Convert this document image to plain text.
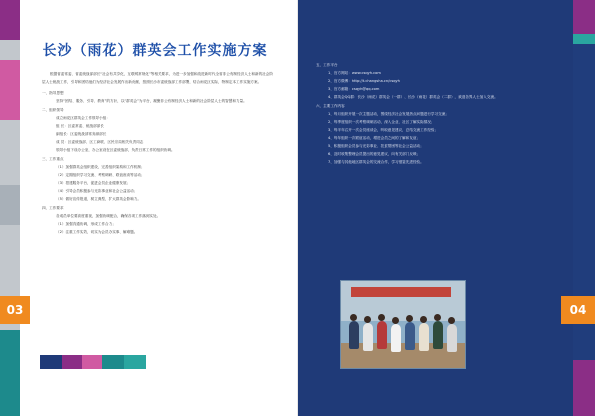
03
长沙（雨花）群英会工作实施方案
根据省委常委、省委统战部部长“社会有共享化，互联网常规化”等相关要求，为进一步加强和改进新时代全省非公有制经济人士和新的社会阶层人士统战工作，引导和团结他们为经济社会发展作出新贡献，按照长沙市委统战部工作部署，结合雨花区实际，特制定本工作实施方案。
一、指导思想
坚持“团结、服务、引导、教育”的方针，以“群英会”为平台，凝聚非公有制经济人士和新的社会阶层人士的智慧和力量。
二、组织领导
成立雨花区群英会工作领导小组：
组 长：区委常委、统战部部长
副组长：区委统战部常务副部长
成 员：区委统战部、区工商联、区民宗局相关负责同志
领导小组下设办公室，办公室设在区委统战部，负责日常工作的组织协调。
三、工作重点
（1）加强群英会组织建设，完善组织架构和工作机制；
（2）定期组织学习交流、考察调研、联谊座谈等活动；
（3）搭建服务平台，促进会员企业健康发展；
（4）引导会员积极参与光彩事业和社会公益活动；
（5）做好宣传报道，树立典型，扩大群英会影响力。
四、工作要求
各成员单位要高度重视，加强协调配合，确保各项工作落到实处。
（1）加强沟通协调，形成工作合力；
（2）注重工作实效，切实为会员办实事、解难题。
04
五、工作平台
1、官方网站：www.csqyh.com
2、官方微博：http://t.changsha.cn/csqyh
3、官方邮箱：csqyh@qq.com
4、群英会QQ群：长沙（雨花）群英会（一群）、长沙（雨花）群英会（二群），欢迎各界人士加入交流。
六、主要工作内容
1、每月组织开展一次主题活动，围绕经济社会发展热点问题进行学习交流；
2、每季度组织一次考察调研活动，深入企业、社区了解实际情况；
3、每半年召开一次会员座谈会，听取意见建议，总结交流工作经验；
4、每年组织一次联谊活动，增进会员之间的了解和友谊；
5、积极组织会员参与光彩事业、扶贫帮困等社会公益活动；
6、及时收集整理会员提出的意见建议，向有关部门反映；
7、加强与其他地区群英会的交流合作，学习借鉴先进经验。
